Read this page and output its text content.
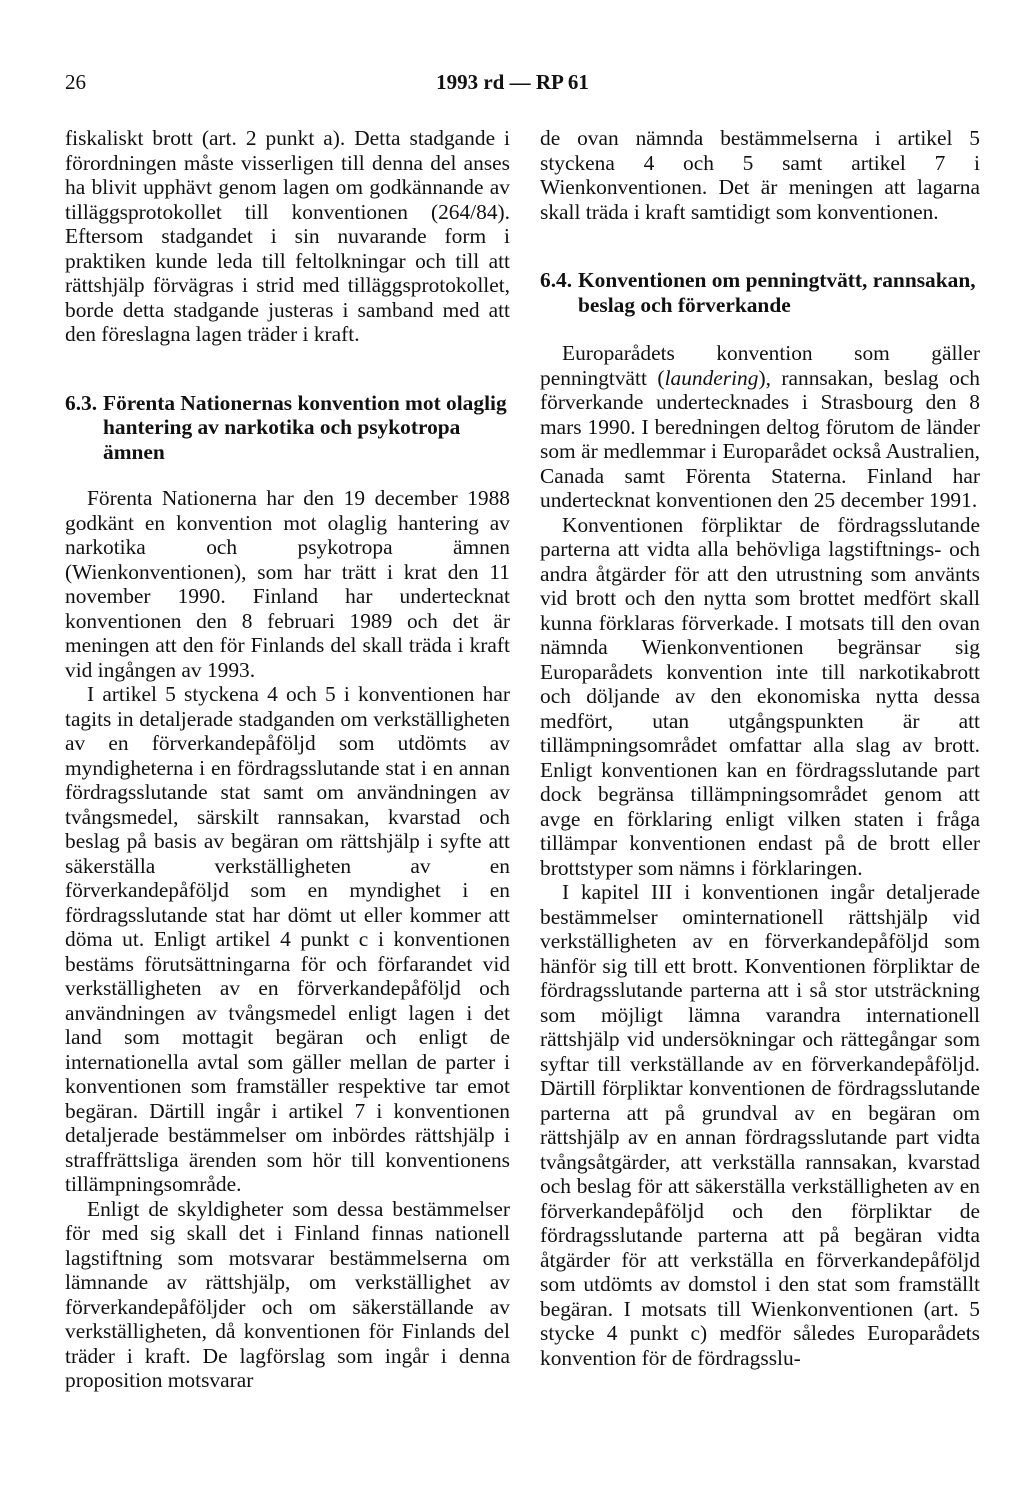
26	1993 rd — RP 61

fiskaliskt brott (art. 2 punkt a). Detta stadgande i förordningen måste visserligen till denna del anses ha blivit upphävt genom lagen om godkännande av tilläggsprotokollet till konventionen (264/84). Eftersom stadgandet i sin nuvarande form i praktiken kunde leda till feltolkningar och till att rättshjälp förvägras i strid med tilläggsprotokollet, borde detta stadgande justeras i samband med att den föreslagna lagen träder i kraft.

6.3. Förenta Nationernas konvention mot olaglig hantering av narkotika och psykotropa ämnen

Förenta Nationerna har den 19 december 1988 godkänt en konvention mot olaglig hantering av narkotika och psykotropa ämnen (Wienkonventionen), som har trätt i krat den 11 november 1990. Finland har undertecknat konventionen den 8 februari 1989 och det är meningen att den för Finlands del skall träda i kraft vid ingången av 1993.

I artikel 5 styckena 4 och 5 i konventionen har tagits in detaljerade stadganden om verkställigheten av en förverkandepåföljd som utdömts av myndigheterna i en fördragsslutande stat i en annan fördragsslutande stat samt om användningen av tvångsmedel, särskilt rannsakan, kvarstad och beslag på basis av begäran om rättshjälp i syfte att säkerställa verkställigheten av en förverkandepåföljd som en myndighet i en fördragsslutande stat har dömt ut eller kommer att döma ut. Enligt artikel 4 punkt c i konventionen bestäms förutsättningarna för och förfarandet vid verkställigheten av en förverkandepåföljd och användningen av tvångsmedel enligt lagen i det land som mottagit begäran och enligt de internationella avtal som gäller mellan de parter i konventionen som framställer respektive tar emot begäran. Därtill ingår i artikel 7 i konventionen detaljerade bestämmelser om inbördes rättshjälp i straffrättsliga ärenden som hör till konventionens tillämpningsområde.

Enligt de skyldigheter som dessa bestämmelser för med sig skall det i Finland finnas nationell lagstiftning som motsvarar bestämmelserna om lämnande av rättshjälp, om verkställighet av förverkandepåföljder och om säkerställande av verkställigheten, då konventionen för Finlands del träder i kraft. De lagförslag som ingår i denna proposition motsvarar

de ovan nämnda bestämmelserna i artikel 5 styckena 4 och 5 samt artikel 7 i Wienkonventionen. Det är meningen att lagarna skall träda i kraft samtidigt som konventionen.

6.4. Konventionen om penningtvätt, rannsakan, beslag och förverkande

Europarådets konvention som gäller penningtvätt (laundering), rannsakan, beslag och förverkande undertecknades i Strasbourg den 8 mars 1990. I beredningen deltog förutom de länder som är medlemmar i Europarådet också Australien, Canada samt Förenta Staterna. Finland har undertecknat konventionen den 25 december 1991.

Konventionen förpliktar de fördragsslutande parterna att vidta alla behövliga lagstiftnings- och andra åtgärder för att den utrustning som använts vid brott och den nytta som brottet medfört skall kunna förklaras förverkade. I motsats till den ovan nämnda Wienkonventionen begränsar sig Europarådets konvention inte till narkotikabrott och döljande av den ekonomiska nytta dessa medfört, utan utgångspunkten är att tillämpningsområdet omfattar alla slag av brott. Enligt konventionen kan en fördragsslutande part dock begränsa tillämpningsområdet genom att avge en förklaring enligt vilken staten i fråga tillämpar konventionen endast på de brott eller brottstyper som nämns i förklaringen.

I kapitel III i konventionen ingår detaljerade bestämmelser ominternationell rättshjälp vid verkställigheten av en förverkandepåföljd som hänför sig till ett brott. Konventionen förpliktar de fördragsslutande parterna att i så stor utsträckning som möjligt lämna varandra internationell rättshjälp vid undersökningar och rättegångar som syftar till verkställande av en förverkandepåföljd. Därtill förpliktar konventionen de fördragsslutande parterna att på grundval av en begäran om rättshjälp av en annan fördragsslutande part vidta tvångsåtgärder, att verkställa rannsakan, kvarstad och beslag för att säkerställa verkställigheten av en förverkandepåföljd och den förpliktar de fördragsslutande parterna att på begäran vidta åtgärder för att verkställa en förverkandepåföljd som utdömts av domstol i den stat som framställt begäran. I motsats till Wienkonventionen (art. 5 stycke 4 punkt c) medför således Europarådets konvention för de fördragsslu-
